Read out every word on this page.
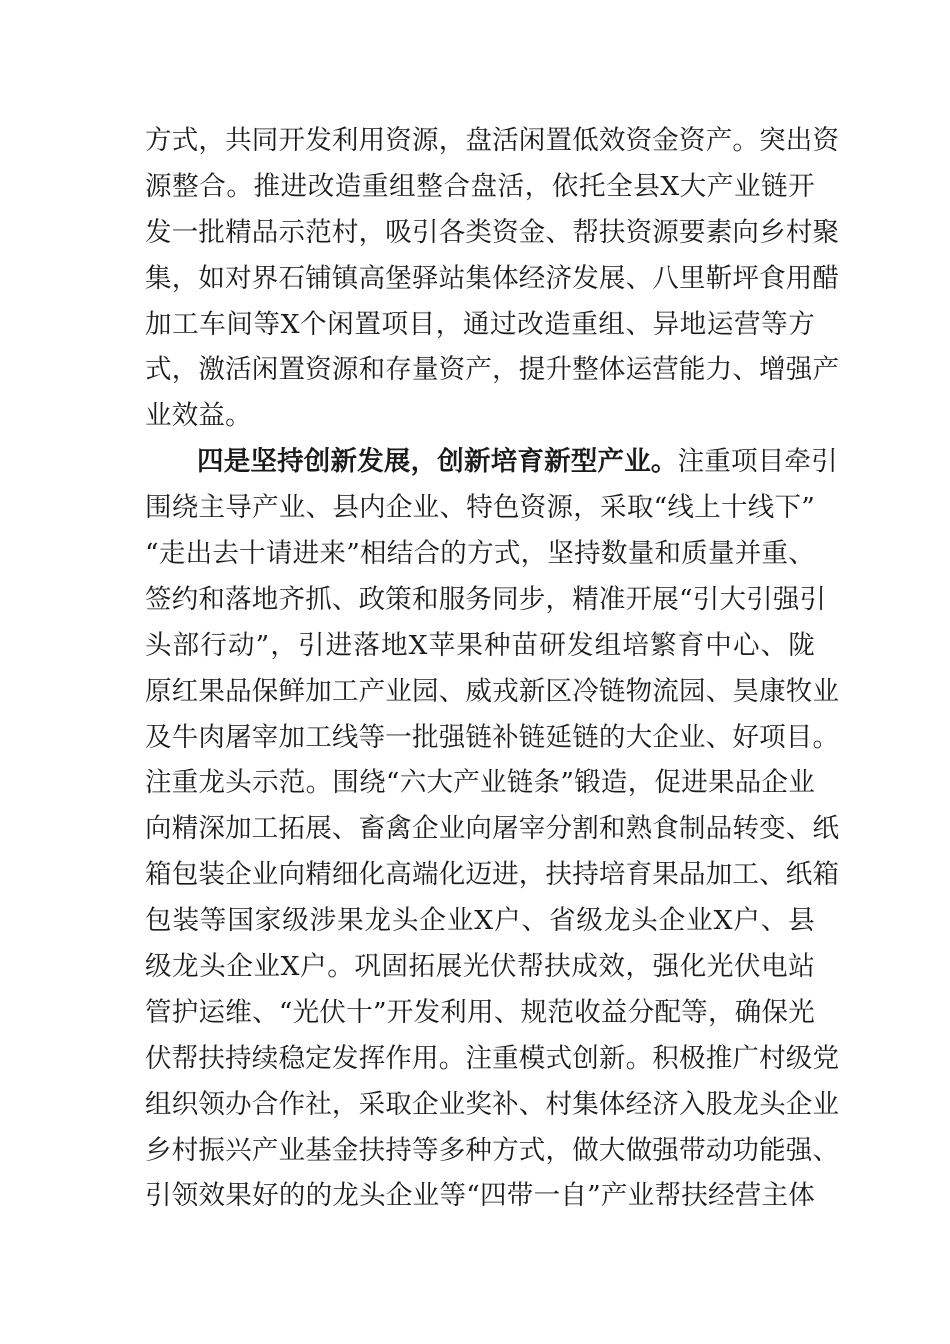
方式，共同开发利用资源，盘活闲置低效资金资产。突出资
源整合。推进改造重组整合盘活，依托全县X大产业链开
发一批精品示范村，吸引各类资金、帮扶资源要素向乡村聚
集，如对界石铺镇高堡驿站集体经济发展、八里靳坪食用醋
加工车间等X个闲置项目，通过改造重组、异地运营等方
式，激活闲置资源和存量资产，提升整体运营能力、增强产
业效益。
四是坚持创新发展，创新培育新型产业。注重项目牵引
围绕主导产业、县内企业、特色资源，采取“线上十线下”
“走出去十请进来”相结合的方式，坚持数量和质量并重、
签约和落地齐抓、政策和服务同步，精准开展“引大引强引
头部行动”，引进落地X苹果种苗研发组培繁育中心、陇
原红果品保鲜加工产业园、威戎新区冷链物流园、昊康牧业
及牛肉屠宰加工线等一批强链补链延链的大企业、好项目。
注重龙头示范。围绕“六大产业链条”锻造，促进果品企业
向精深加工拓展、畜禽企业向屠宰分割和熟食制品转变、纸
箱包装企业向精细化高端化迈进，扶持培育果品加工、纸箱
包装等国家级涉果龙头企业X户、省级龙头企业X户、县
级龙头企业X户。巩固拓展光伏帮扶成效，强化光伏电站
管护运维、“光伏十”开发利用、规范收益分配等，确保光
伏帮扶持续稳定发挥作用。注重模式创新。积极推广村级党
组织领办合作社，采取企业奖补、村集体经济入股龙头企业
乡村振兴产业基金扶持等多种方式，做大做强带动功能强、
引领效果好的的龙头企业等“四带一自”产业帮扶经营主体
